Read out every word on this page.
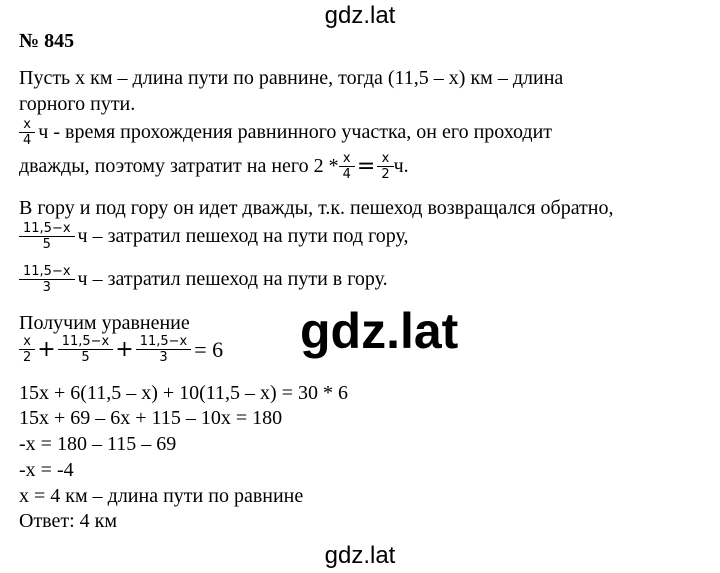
gdz.lat
gdz.lat
gdz.lat
№ 845
Пусть х км – длина пути по равнине, тогда (11,5 – х) км – длина
горного пути.
$\frac{x}{4}$ ч - время прохождения равнинного участка, он его проходит
дважды, поэтому затратит на него $2 * \frac{x}{4} = \frac{x}{2} ч$.
В гору и под гору он идет дважды, т.к. пешеход возвращался обратно,
$\frac{11,5-x}{5}$ ч – затратил пешеход на пути под гору,
$\frac{11,5-x}{3}$ ч – затратил пешеход на пути в гору.
Получим уравнение
$\frac{x}{2} + \frac{11,5-x}{5} + \frac{11,5-x}{3} = 6$
15x + 6(11,5 – x) + 10(11,5 – x) = 30 * 6
15x + 69 – 6x + 115 – 10x = 180
-x = 180 – 115 – 69
-x = -4
x = 4 км – длина пути по равнине
Ответ: 4 км
